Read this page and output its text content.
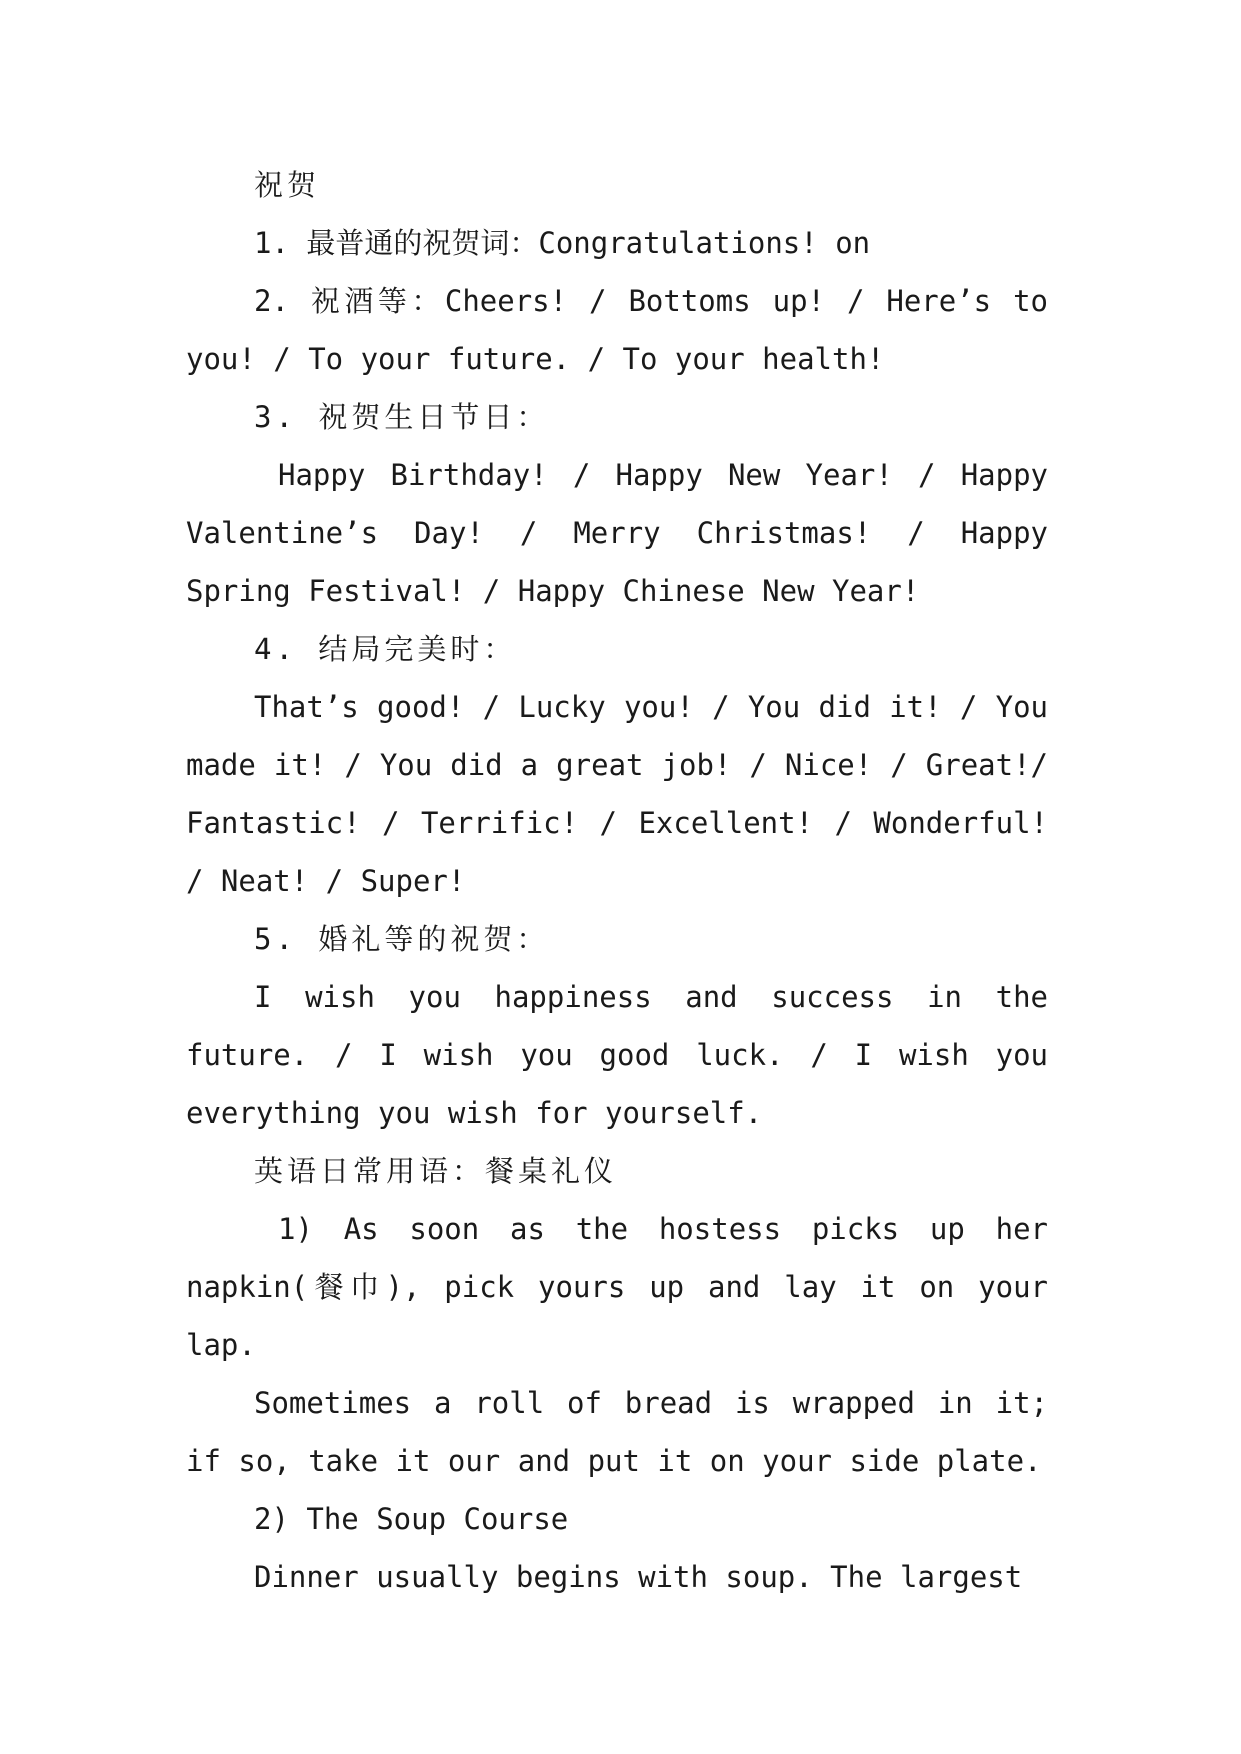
祝贺

1. 最普通的祝贺词：Congratulations! on

2. 祝酒等：Cheers! / Bottoms up! / Here’s to you! / To your future. / To your health!

3. 祝贺生日节日：

Happy Birthday! / Happy New Year! / Happy Valentine’s Day! / Merry Christmas! / Happy Spring Festival! / Happy Chinese New Year!

4. 结局完美时：

That’s good! / Lucky you! / You did it! / You made it! / You did a great job! / Nice! / Great!/ Fantastic! / Terrific! / Excellent! / Wonderful! / Neat! / Super!

5. 婚礼等的祝贺：

I wish you happiness and success in the future. / I wish you good luck. / I wish you everything you wish for yourself.

英语日常用语：餐桌礼仪

1) As soon as the hostess picks up her napkin(餐巾), pick yours up and lay it on your lap.

Sometimes a roll of bread is wrapped in it; if so, take it our and put it on your side plate.

2) The Soup Course

Dinner usually begins with soup. The largest
